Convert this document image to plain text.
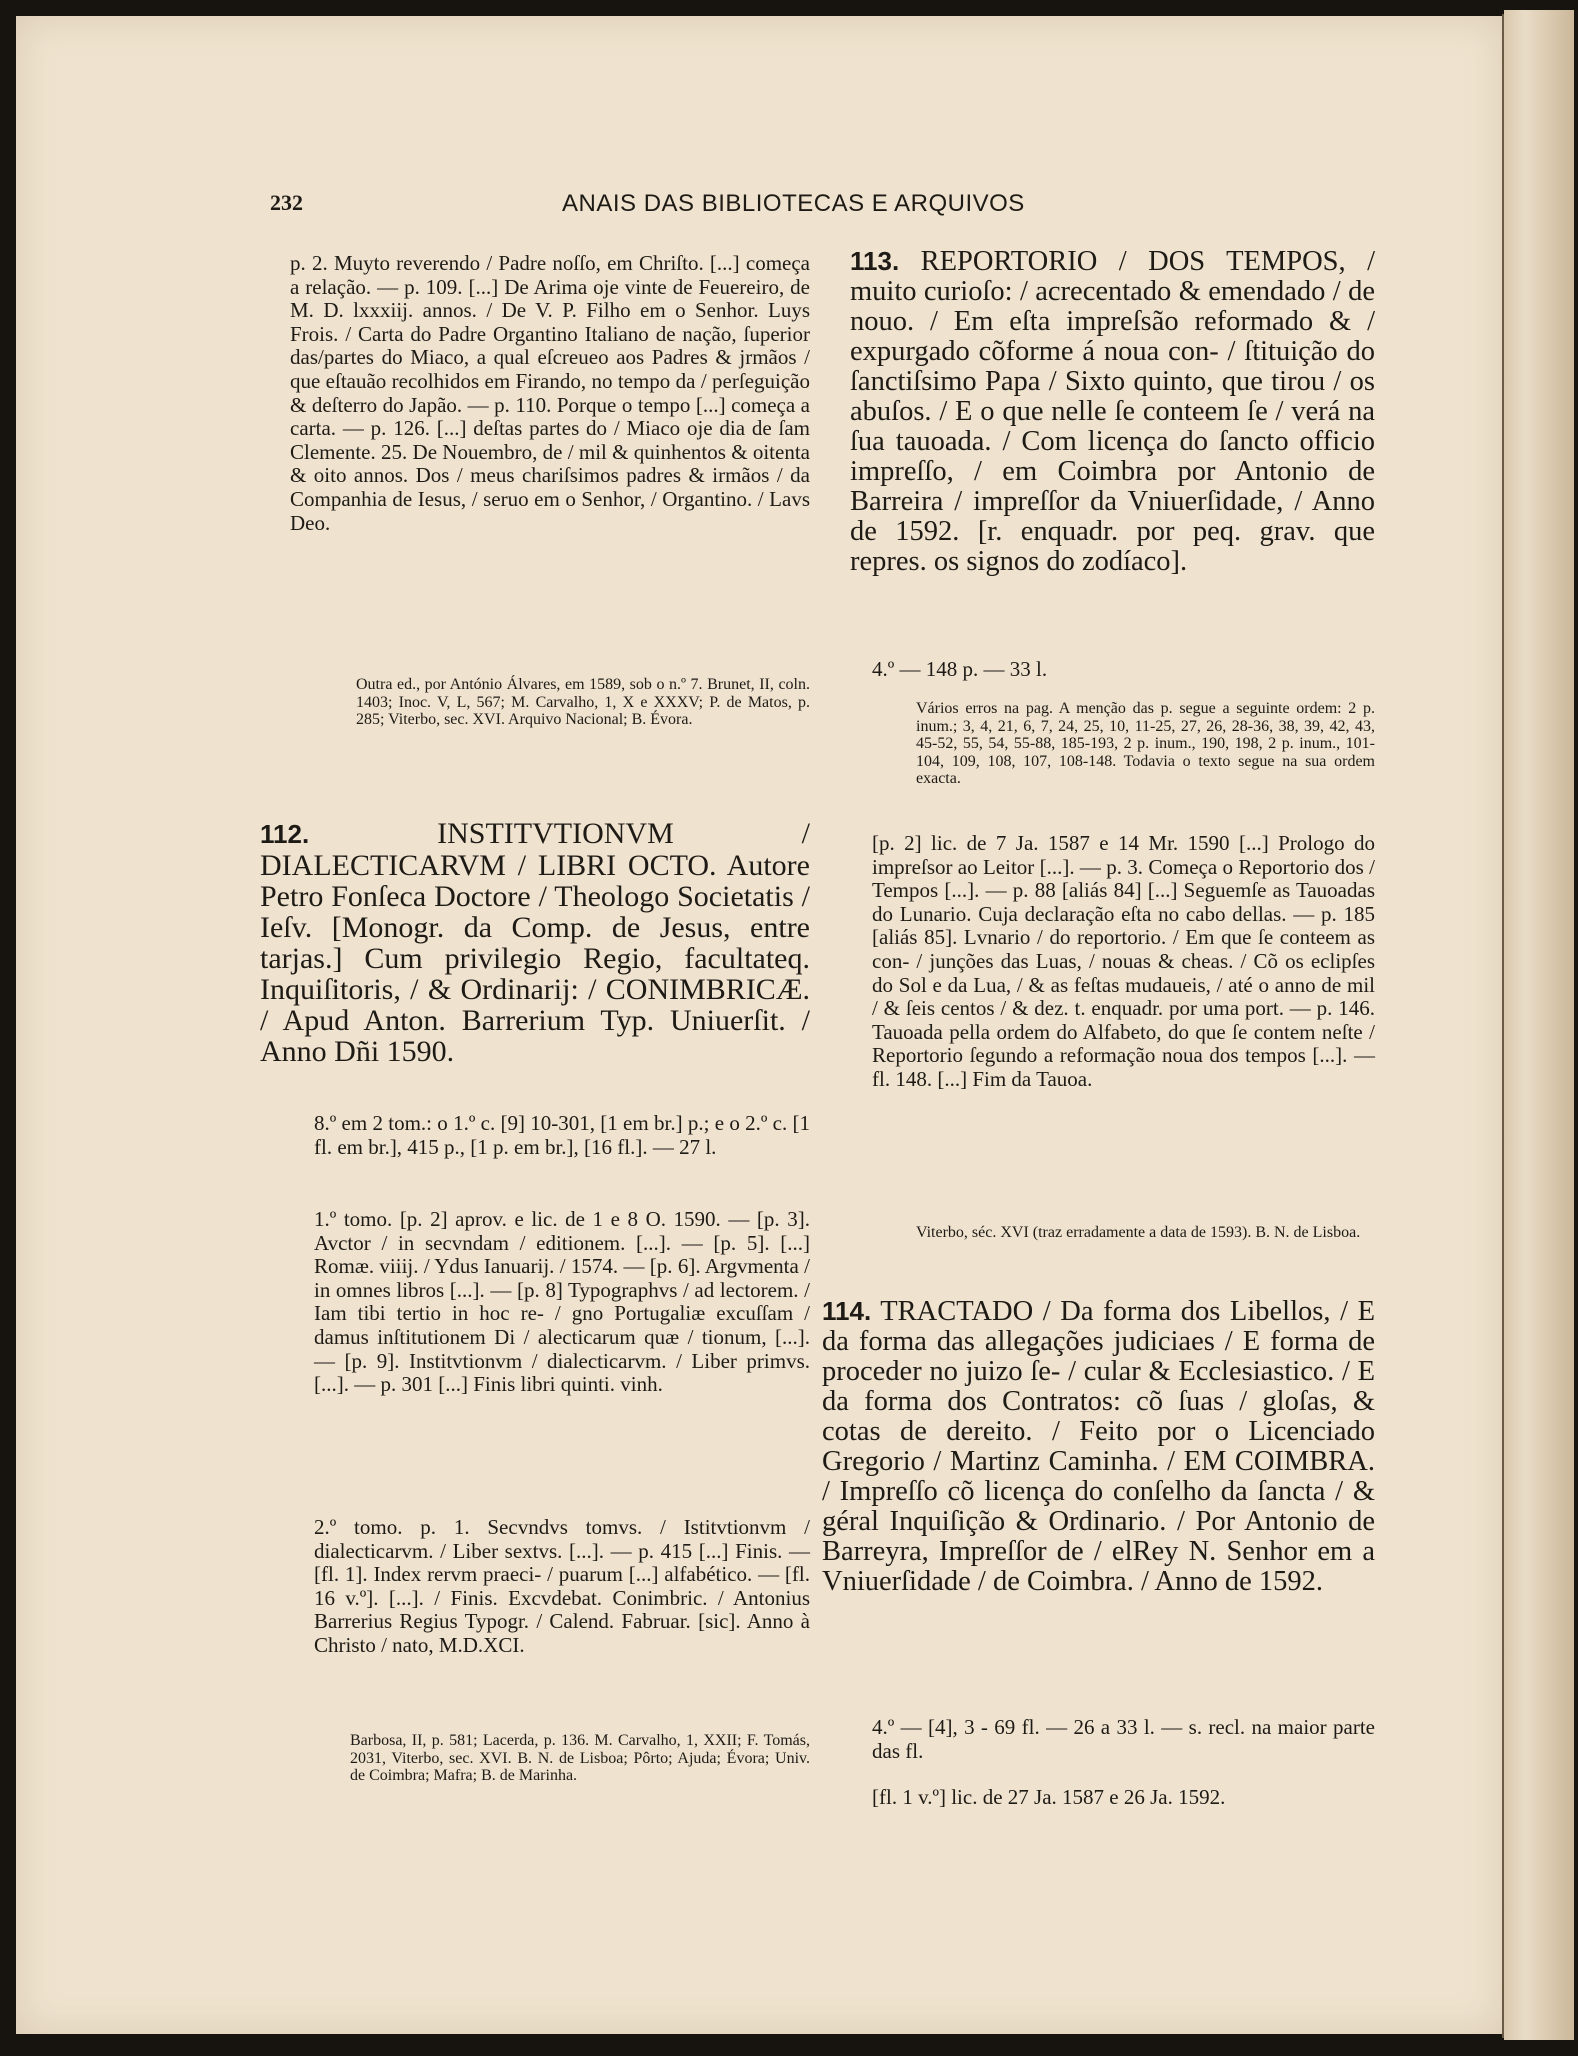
232	ANAIS DAS BIBLIOTECAS E ARQUIVOS

p. 2. Muyto reverendo / Padre noſſo, em Chriſto. [...] começa a relação. — p. 109. [...] De Arima oje vinte de Feuereiro, de M. D. lxxxiij. annos. / De V. P. Filho em o Senhor. Luys Frois. / Carta do Padre Organtino Italiano de nação, ſuperior das/partes do Miaco, a qual eſcreueo aos Padres & jrmãos / que eſtauão recolhidos em Firando, no tempo da / perſeguição & deſterro do Japão. — p. 110. Porque o tempo [...] começa a carta. — p. 126. [...] deſtas partes do / Miaco oje dia de ſam Clemente. 25. De Nouembro, de / mil & quinhentos & oitenta & oito annos. Dos / meus chariſsimos padres & irmãos / da Companhia de Iesus, / seruo em o Senhor, / Organtino. / Lavs Deo.

Outra ed., por António Álvares, em 1589, sob o n.º 7. Brunet, II, coln. 1403; Inoc. V, L, 567; M. Carvalho, 1, X e XXXV; P. de Matos, p. 285; Viterbo, sec. XVI. Arquivo Nacional; B. Évora.

112.	INSTITVTIONVM / DIALECTICARVM / LIBRI OCTO. Autore Petro Fonſeca Doctore / Theologo Societatis / Ieſv. [Monogr. da Comp. de Jesus, entre tarjas.] Cum privilegio Regio, facultateq. Inquiſitoris, / & Ordinarij: / CONIMBRICÆ. / Apud Anton. Barrerium Typ. Uniuerſit. / Anno Dñi 1590.

8.º em 2 tom.: o 1.º c. [9] 10-301, [1 em br.] p.; e o 2.º c. [1 fl. em br.], 415 p., [1 p. em br.], [16 fl.]. — 27 l.

1.º tomo. [p. 2] aprov. e lic. de 1 e 8 O. 1590. — [p. 3]. Avctor / in secvndam / editionem. [...]. — [p. 5]. [...] Romæ. viiij. / Ydus Ianuarij. / 1574. — [p. 6]. Argvmenta / in omnes libros [...]. — [p. 8] Typographvs / ad lectorem. / Iam tibi tertio in hoc re- / gno Portugaliæ excuſſam / damus inſtitutionem Di / alecticarum quæ / tionum, [...]. — [p. 9]. Institvtionvm / dialecticarvm. / Liber primvs. [...]. — p. 301 [...] Finis libri quinti. vinh.

2.º tomo. p. 1. Secvndvs tomvs. / Istitvtionvm / dialecticarvm. / Liber sextvs. [...]. — p. 415 [...] Finis. — [fl. 1]. Index rervm praeci- / puarum [...] alfabético. — [fl. 16 v.º]. [...]. / Finis. Excvdebat. Conimbric. / Antonius Barrerius Regius Typogr. / Calend. Fabruar. [sic]. Anno à Christo / nato, M.D.XCI.

Barbosa, II, p. 581; Lacerda, p. 136. M. Carvalho, 1, XXII; F. Tomás, 2031, Viterbo, sec. XVI. B. N. de Lisboa; Pôrto; Ajuda; Évora; Univ. de Coimbra; Mafra; B. de Marinha.

113. REPORTORIO / DOS TEMPOS, / muito curioſo: / acrecentado & emendado / de nouo. / Em eſta impreſsão reformado & / expurgado cõforme á noua con- / ſtituição do ſanctiſsimo Papa / Sixto quinto, que tirou / os abuſos. / E o que nelle ſe conteem ſe / verá na ſua tauoada. / Com licença do ſancto officio impreſſo, / em Coimbra por Antonio de Barreira / impreſſor da Vniuerſidade, / Anno de 1592. [r. enquadr. por peq. grav. que repres. os signos do zodíaco].

4.º — 148 p. — 33 l.

Vários erros na pag. A menção das p. segue a seguinte ordem: 2 p. inum.; 3, 4, 21, 6, 7, 24, 25, 10, 11-25, 27, 26, 28-36, 38, 39, 42, 43, 45-52, 55, 54, 55-88, 185-193, 2 p. inum., 190, 198, 2 p. inum., 101-104, 109, 108, 107, 108-148. Todavia o texto segue na sua ordem exacta.

[p. 2] lic. de 7 Ja. 1587 e 14 Mr. 1590 [...] Prologo do impreſsor ao Leitor [...]. — p. 3. Começa o Reportorio dos / Tempos [...]. — p. 88 [aliás 84] [...] Seguemſe as Tauoadas do Lunario. Cuja declaração eſta no cabo dellas. — p. 185 [aliás 85]. Lvnario / do reportorio. / Em que ſe conteem as con- / junções das Luas, / nouas & cheas. / Cõ os eclipſes do Sol e da Lua, / & as feſtas mudaueis, / até o anno de mil / & ſeis centos / & dez. t. enquadr. por uma port. — p. 146. Tauoada pella ordem do Alfabeto, do que ſe contem neſte / Reportorio ſegundo a reformação noua dos tempos [...]. — fl. 148. [...] Fim da Tauoa.

Viterbo, séc. XVI (traz erradamente a data de 1593). B. N. de Lisboa.

114. TRACTADO / Da forma dos Libellos, / E da forma das allegações judiciaes / E forma de proceder no juizo ſe- / cular & Ecclesiastico. / E da forma dos Contratos: cõ ſuas / gloſas, & cotas de dereito. / Feito por o Licenciado Gregorio / Martinz Caminha. / EM COIMBRA. / Impreſſo cõ licença do conſelho da ſancta / & géral Inquiſição & Ordinario. / Por Antonio de Barreyra, Impreſſor de / elRey N. Senhor em a Vniuerſidade / de Coimbra. / Anno de 1592.

4.º — [4], 3 - 69 fl. — 26 a 33 l. — s. recl. na maior parte das fl.

[fl. 1 v.º] lic. de 27 Ja. 1587 e 26 Ja. 1592.
